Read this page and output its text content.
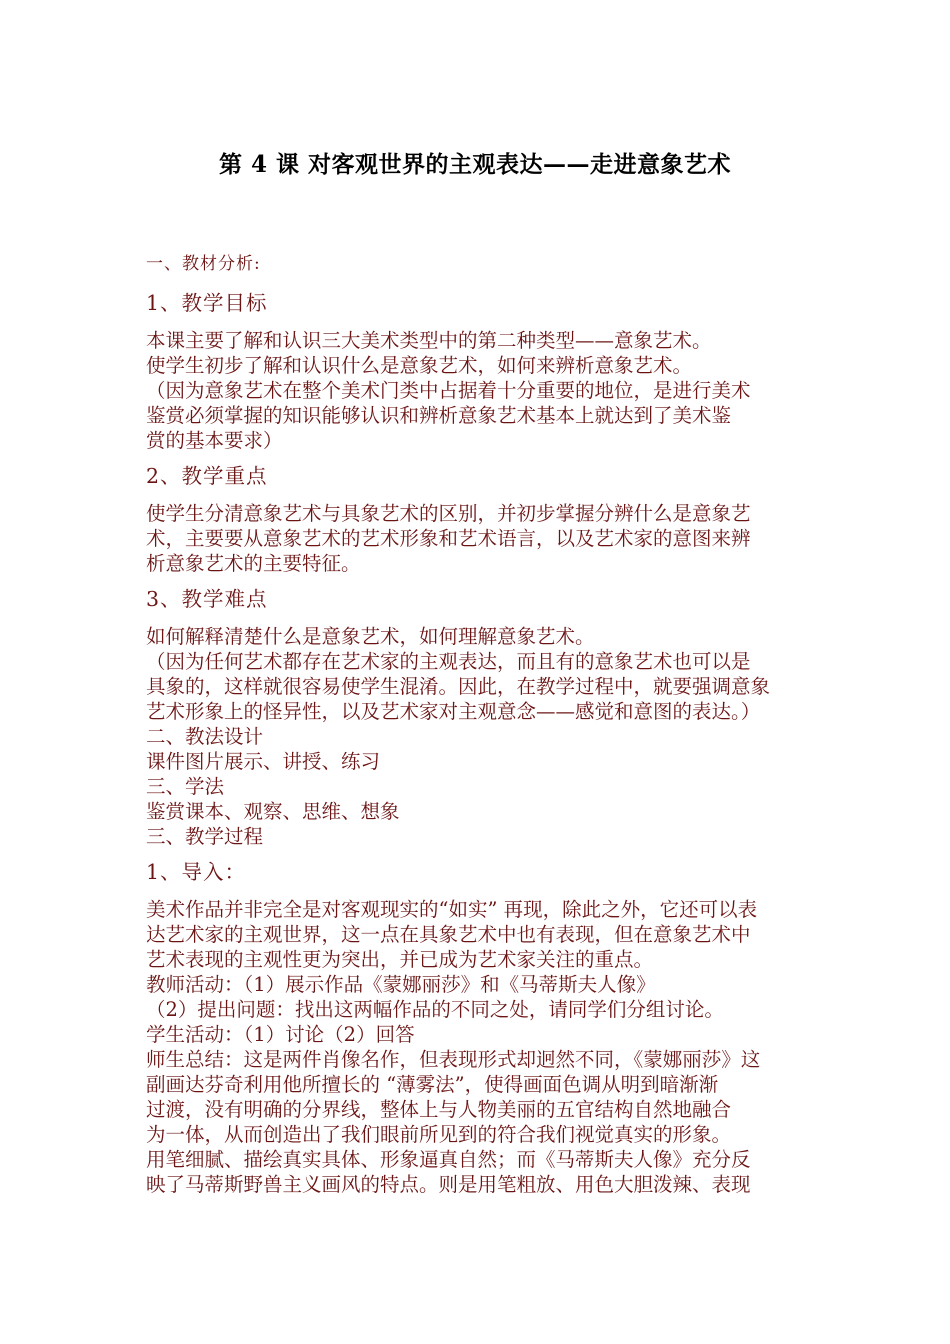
第 4 课 对客观世界的主观表达——走进意象艺术

一、教材分析:

1、教学目标

本课主要了解和认识三大美术类型中的第二种类型——意象艺术。

使学生初步了解和认识什么是意象艺术，如何来辨析意象艺术。

（因为意象艺术在整个美术门类中占据着十分重要的地位，是进行美术

鉴赏必须掌握的知识能够认识和辨析意象艺术基本上就达到了美术鉴

赏的基本要求）

2、教学重点

使学生分清意象艺术与具象艺术的区别，并初步掌握分辨什么是意象艺

术，主要要从意象艺术的艺术形象和艺术语言，以及艺术家的意图来辨

析意象艺术的主要特征。

3、教学难点

如何解释清楚什么是意象艺术，如何理解意象艺术。

（因为任何艺术都存在艺术家的主观表达，而且有的意象艺术也可以是

具象的，这样就很容易使学生混淆。因此，在教学过程中，就要强调意象

艺术形象上的怪异性，以及艺术家对主观意念——感觉和意图的表达。）

二、教法设计

课件图片展示、讲授、练习

三、学法

鉴赏课本、观察、思维、想象

三、教学过程

1、导入：

美术作品并非完全是对客观现实的“如实” 再现，除此之外，它还可以表

达艺术家的主观世界，这一点在具象艺术中也有表现，但在意象艺术中

艺术表现的主观性更为突出，并已成为艺术家关注的重点。

教师活动：（1）展示作品《蒙娜丽莎》和《马蒂斯夫人像》

（2）提出问题：找出这两幅作品的不同之处，请同学们分组讨论。

学生活动：（1）讨论（2）回答

师生总结：这是两件肖像名作，但表现形式却迥然不同，《蒙娜丽莎》这

副画达芬奇利用他所擅长的 “薄雾法”，使得画面色调从明到暗渐渐

过渡，没有明确的分界线，整体上与人物美丽的五官结构自然地融合

为一体，从而创造出了我们眼前所见到的符合我们视觉真实的形象。

用笔细腻、描绘真实具体、形象逼真自然；而《马蒂斯夫人像》充分反

映了马蒂斯野兽主义画风的特点。则是用笔粗放、用色大胆泼辣、表现
